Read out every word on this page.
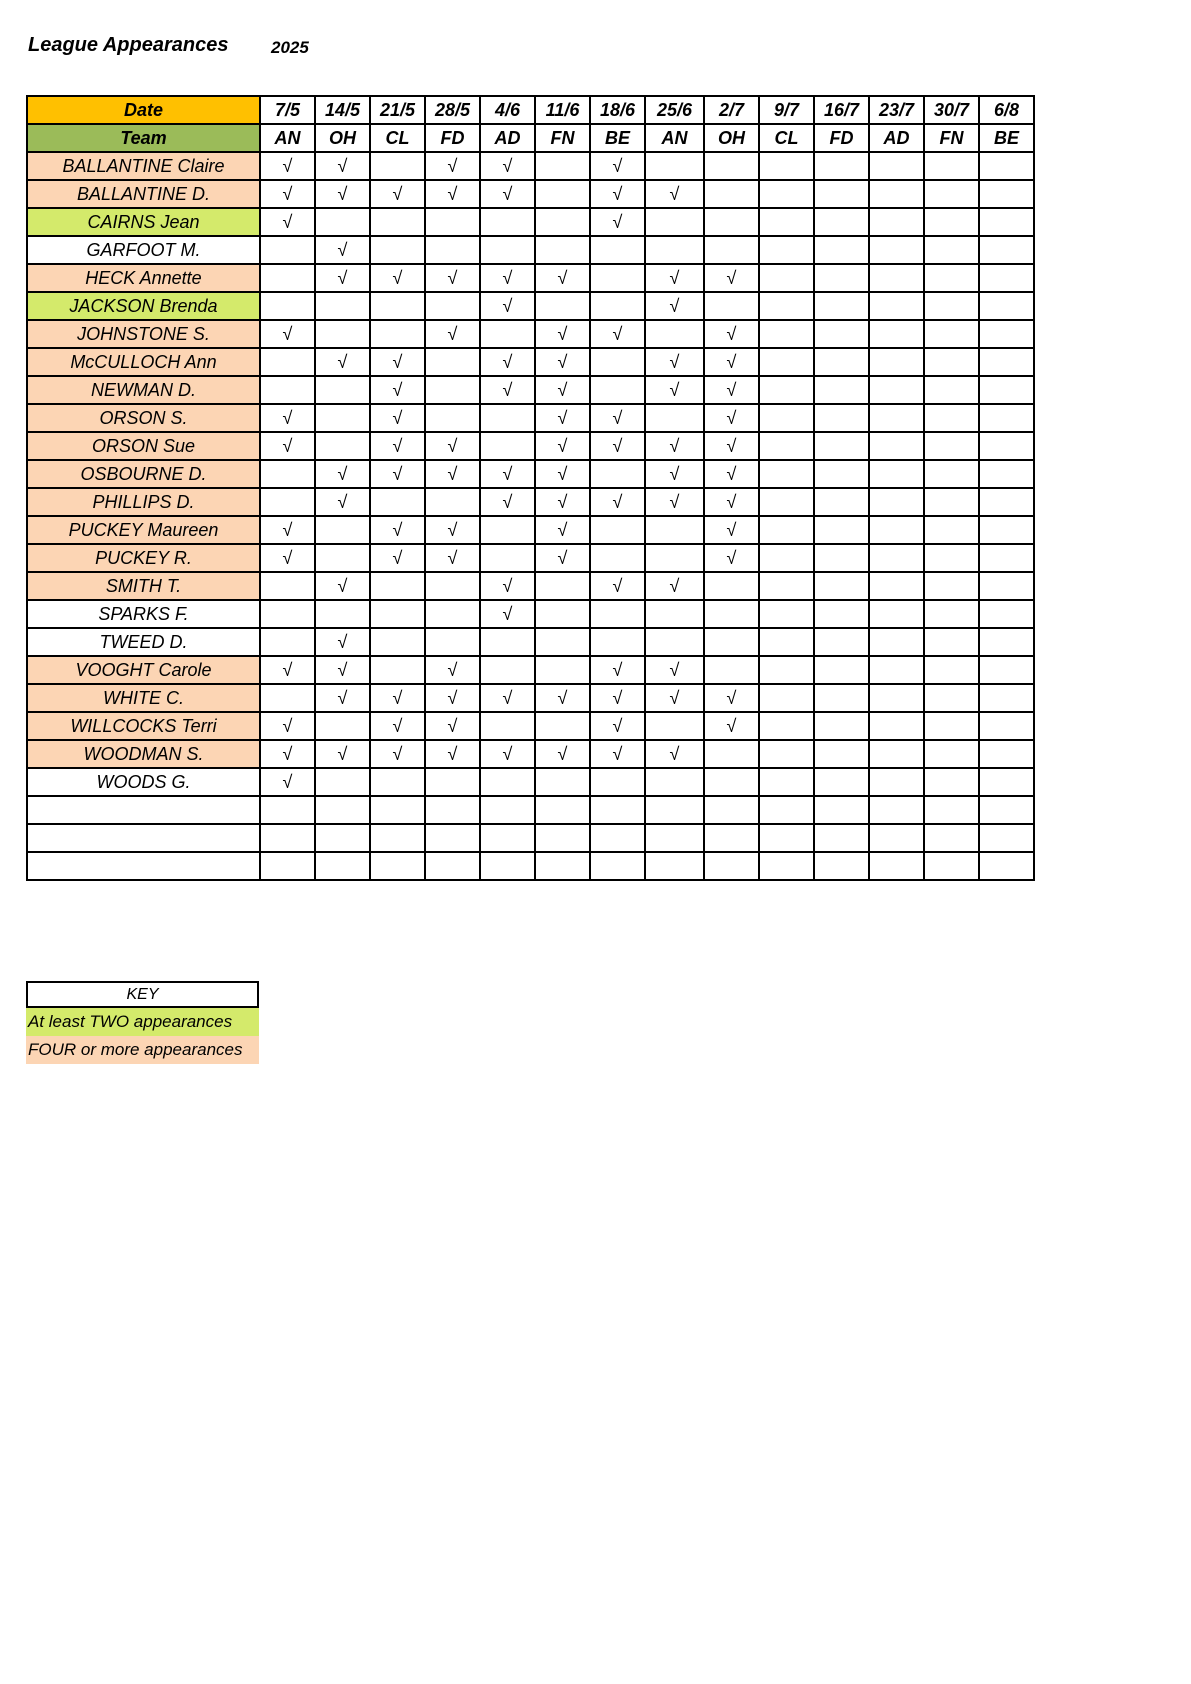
League Appearances	2025
Date	7/5	14/5	21/5	28/5	4/6	11/6	18/6	25/6	2/7	9/7	16/7	23/7	30/7	6/8
Team	AN	OH	CL	FD	AD	FN	BE	AN	OH	CL	FD	AD	FN	BE
BALLANTINE Claire	√	√		√	√		√							
BALLANTINE D.	√	√	√	√	√		√	√						
CAIRNS Jean	√						√							
GARFOOT M.		√												
HECK Annette		√	√	√	√	√		√	√					
JACKSON Brenda					√			√						
JOHNSTONE S.	√			√		√	√		√					
McCULLOCH Ann		√	√		√	√		√	√					
NEWMAN D.			√		√	√		√	√					
ORSON S.	√		√			√	√		√					
ORSON Sue	√		√	√		√	√	√	√					
OSBOURNE D.		√	√	√	√	√		√	√					
PHILLIPS D.		√			√	√	√	√	√					
PUCKEY Maureen	√		√	√		√			√					
PUCKEY R.	√		√	√		√			√					
SMITH T.		√			√		√	√						
SPARKS F.					√									
TWEED D.		√												
VOOGHT Carole	√	√		√			√	√						
WHITE C.		√	√	√	√	√	√	√	√					
WILLCOCKS Terri	√		√	√			√		√					
WOODMAN S.	√	√	√	√	√	√	√	√						
WOODS G.	√													

KEY
At least TWO appearances
FOUR or more appearances
